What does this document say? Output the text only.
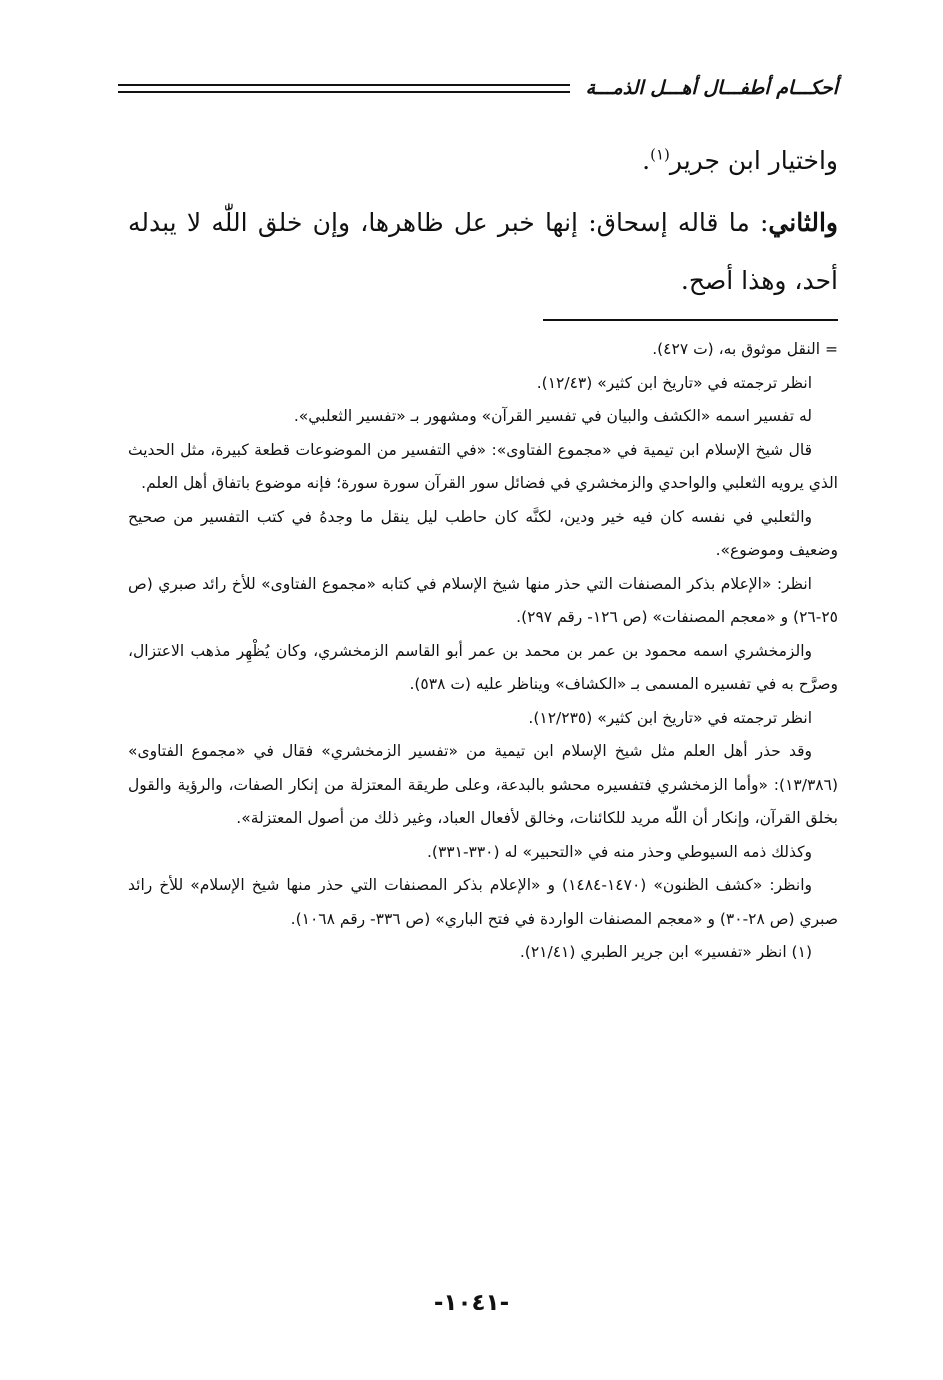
أحكـــام أطفـــال أهـــل الذمـــة
واختيار ابن جرير$^{(١)}$.
والثاني: ما قاله إسحاق: إنها خبر عل ظاهرها، وإن خلق اللّٰه لا يبدله أحد، وهذا أصح.

= النقل موثوق به، (ت ٤٢٧).

انظر ترجمته في «تاريخ ابن كثير» (١٢/٤٣).

له تفسير اسمه «الكشف والبيان في تفسير القرآن» ومشهور بـ «تفسير الثعلبي».

قال شيخ الإسلام ابن تيمية في «مجموع الفتاوى»: «في التفسير من الموضوعات قطعة كبيرة، مثل الحديث الذي يرويه الثعلبي والواحدي والزمخشري في فضائل سور القرآن سورة سورة؛ فإنه موضوع باتفاق أهل العلم.

والثعلبي في نفسه كان فيه خير ودين، لكنَّه كان حاطب ليل ينقل ما وجدهُ في كتب التفسير من صحيح وضعيف وموضوع».

انظر: «الإعلام بذكر المصنفات التي حذر منها شيخ الإسلام في كتابه «مجموع الفتاوى» للأخ رائد صبري (ص ٢٥-٢٦) و «معجم المصنفات» (ص ١٢٦- رقم ٢٩٧).

والزمخشري اسمه محمود بن عمر بن محمد بن عمر أبو القاسم الزمخشري، وكان يُظْهِر مذهب الاعتزال، وصرَّح به في تفسيره المسمى بـ «الكشاف» ويناظر عليه (ت ٥٣٨).

انظر ترجمته في «تاريخ ابن كثير» (١٢/٢٣٥).

وقد حذر أهل العلم مثل شيخ الإسلام ابن تيمية من «تفسير الزمخشري» فقال في «مجموع الفتاوى» (١٣/٣٨٦): «وأما الزمخشري فتفسيره محشو بالبدعة، وعلى طريقة المعتزلة من إنكار الصفات، والرؤية والقول بخلق القرآن، وإنكار أن اللّٰه مريد للكائنات، وخالق لأفعال العباد، وغير ذلك من أصول المعتزلة».

وكذلك ذمه السيوطي وحذر منه في «التحبير» له (٣٣٠-٣٣١).

وانظر: «كشف الظنون» (١٤٧٠-١٤٨٤) و «الإعلام بذكر المصنفات التي حذر منها شيخ الإسلام» للأخ رائد صبري (ص ٢٨-٣٠) و «معجم المصنفات الواردة في فتح الباري» (ص ٣٣٦- رقم ١٠٦٨).

(١) انظر «تفسير» ابن جرير الطبري (٢١/٤١).

-١٠٤١-
